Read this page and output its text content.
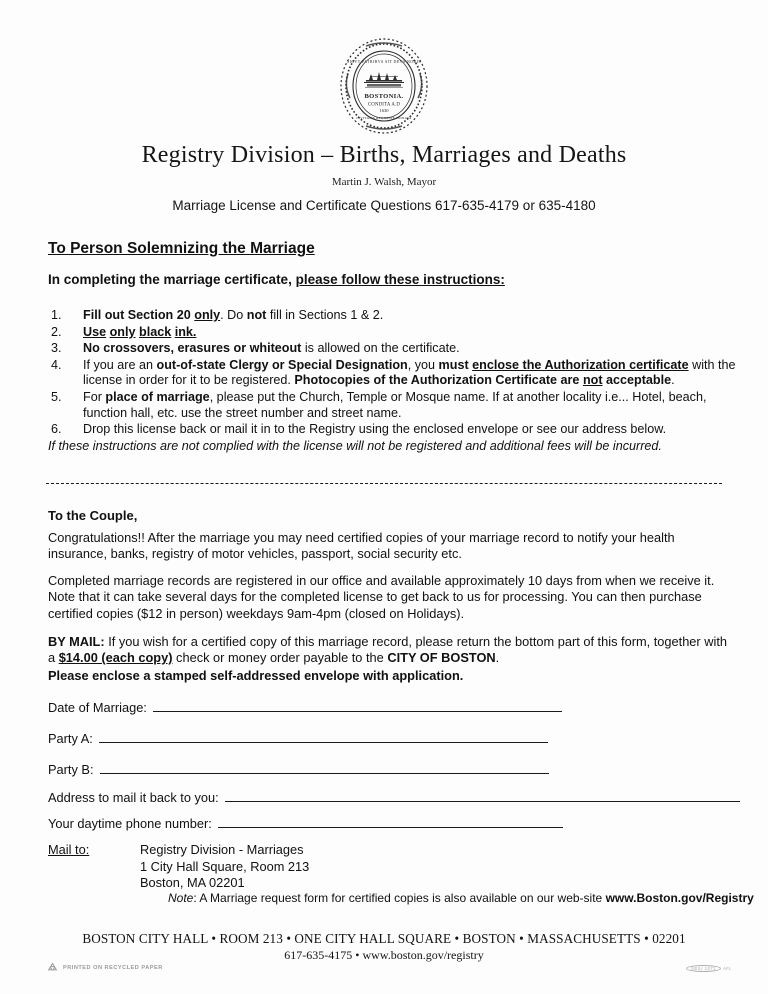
SICVT PATRIBVS SIT DEVS NOBIS
BOSTONIA.
CONDITA A.D
1630
CIVITATIS REGIMINE DONATA
Registry Division – Births, Marriages and Deaths
Martin J. Walsh, Mayor
Marriage License and Certificate Questions 617-635-4179 or 635-4180
To Person Solemnizing the Marriage
In completing the marriage certificate, please follow these instructions:
1.	Fill out Section 20 only. Do not fill in Sections 1 & 2.
2.	Use only black ink.
3.	No crossovers, erasures or whiteout is allowed on the certificate.
4.	If you are an out-of-state Clergy or Special Designation, you must enclose the Authorization certificate with the license in order for it to be registered. Photocopies of the Authorization Certificate are not acceptable.
5.	For place of marriage, please put the Church, Temple or Mosque name. If at another locality i.e... Hotel, beach, function hall, etc. use the street number and street name.
6.	Drop this license back or mail it in to the Registry using the enclosed envelope or see our address below.
If these instructions are not complied with the license will not be registered and additional fees will be incurred.
To the Couple,
Congratulations!! After the marriage you may need certified copies of your marriage record to notify your health insurance, banks, registry of motor vehicles, passport, social security etc.
Completed marriage records are registered in our office and available approximately 10 days from when we receive it. Note that it can take several days for the completed license to get back to us for processing. You can then purchase certified copies ($12 in person) weekdays 9am-4pm (closed on Holidays).
BY MAIL: If you wish for a certified copy of this marriage record, please return the bottom part of this form, together with a $14.00 (each copy) check or money order payable to the CITY OF BOSTON.
Please enclose a stamped self-addressed envelope with application.
Date of Marriage:
Party A:
Party B:
Address to mail it back to you:
Your daytime phone number:
Mail to:	Registry Division - Marriages
1 City Hall Square, Room 213
Boston, MA 02201
Note: A Marriage request form for certified copies is also available on our web-site www.Boston.gov/Registry
BOSTON CITY HALL • ROOM 213 • ONE CITY HALL SQUARE • BOSTON • MASSACHUSETTS • 02201
617-635-4175 • www.boston.gov/registry
PRINTED ON RECYCLED PAPER	SEIU 1871	AFL
